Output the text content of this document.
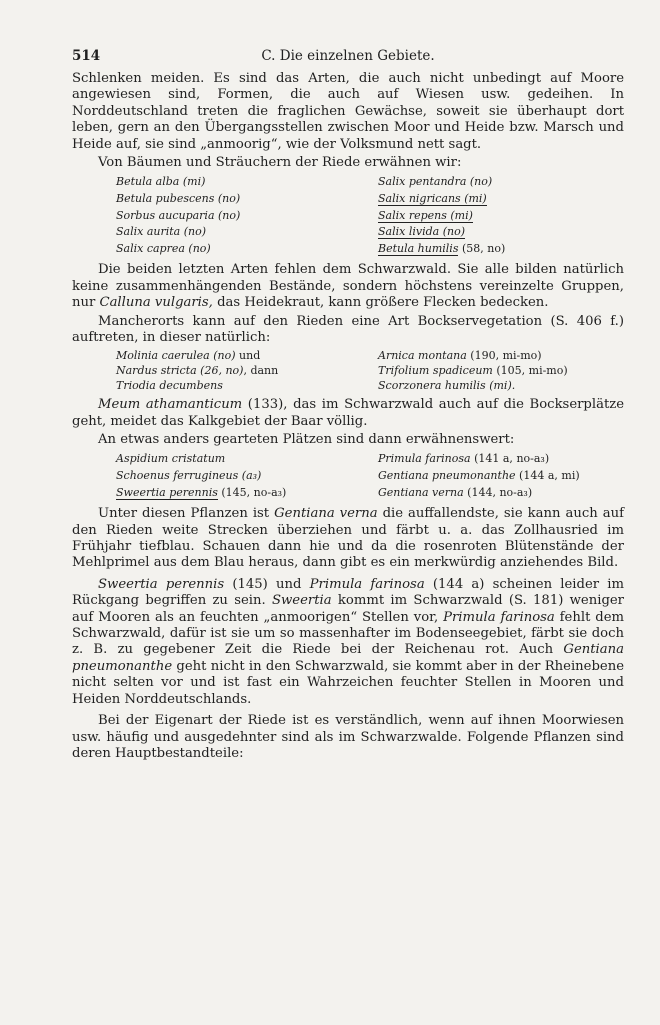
514	C. Die einzelnen Gebiete.

Schlenken meiden. Es sind das Arten, die auch nicht unbedingt auf Moore angewiesen sind, Formen, die auch auf Wiesen usw. gedeihen. In Norddeutschland treten die fraglichen Gewächse, soweit sie überhaupt dort leben, gern an den Übergangsstellen zwischen Moor und Heide bzw. Marsch und Heide auf, sie sind „anmoorig“, wie der Volksmund nett sagt.

Von Bäumen und Sträuchern der Riede erwähnen wir:

Betula alba (mi)	Salix pentandra (no)
Betula pubescens (no)	Salix nigricans (mi)
Sorbus aucuparia (no)	Salix repens (mi)
Salix aurita (no)	Salix livida (no)
Salix caprea (no)	Betula humilis (58, no)

Die beiden letzten Arten fehlen dem Schwarzwald. Sie alle bilden natürlich keine zusammenhängenden Bestände, sondern höchstens vereinzelte Gruppen, nur Calluna vulgaris, das Heidekraut, kann größere Flecken bedecken.

Mancherorts kann auf den Rieden eine Art Bockservegetation (S. 406 f.) auftreten, in dieser natürlich:

Molinia caerulea (no) und	Arnica montana (190, mi-mo)
Nardus stricta (26, no), dann	Trifolium spadiceum (105, mi-mo)
Triodia decumbens	Scorzonera humilis (mi).

Meum athamanticum (133), das im Schwarzwald auch auf die Bockserplätze geht, meidet das Kalkgebiet der Baar völlig.

An etwas anders gearteten Plätzen sind dann erwähnenswert:

Aspidium cristatum	Primula farinosa (141 a, no-a₃)
Schoenus ferrugineus (a₃)	Gentiana pneumonanthe (144 a, mi)
Sweertia perennis (145, no-a₃)	Gentiana verna (144, no-a₃)

Unter diesen Pflanzen ist Gentiana verna die auffallendste, sie kann auch auf den Rieden weite Strecken überziehen und färbt u. a. das Zollhausried im Frühjahr tiefblau. Schauen dann hie und da die rosenroten Blütenstände der Mehlprimel aus dem Blau heraus, dann gibt es ein merkwürdig anziehendes Bild.

Sweertia perennis (145) und Primula farinosa (144 a) scheinen leider im Rückgang begriffen zu sein. Sweertia kommt im Schwarzwald (S. 181) weniger auf Mooren als an feuchten „anmoorigen“ Stellen vor, Primula farinosa fehlt dem Schwarzwald, dafür ist sie um so massenhafter im Bodenseegebiet, färbt sie doch z. B. zu gegebener Zeit die Riede bei der Reichenau rot. Auch Gentiana pneumonanthe geht nicht in den Schwarzwald, sie kommt aber in der Rheinebene nicht selten vor und ist fast ein Wahrzeichen feuchter Stellen in Mooren und Heiden Norddeutschlands.

Bei der Eigenart der Riede ist es verständlich, wenn auf ihnen Moorwiesen usw. häufig und ausgedehnter sind als im Schwarzwalde. Folgende Pflanzen sind deren Hauptbestandteile:
